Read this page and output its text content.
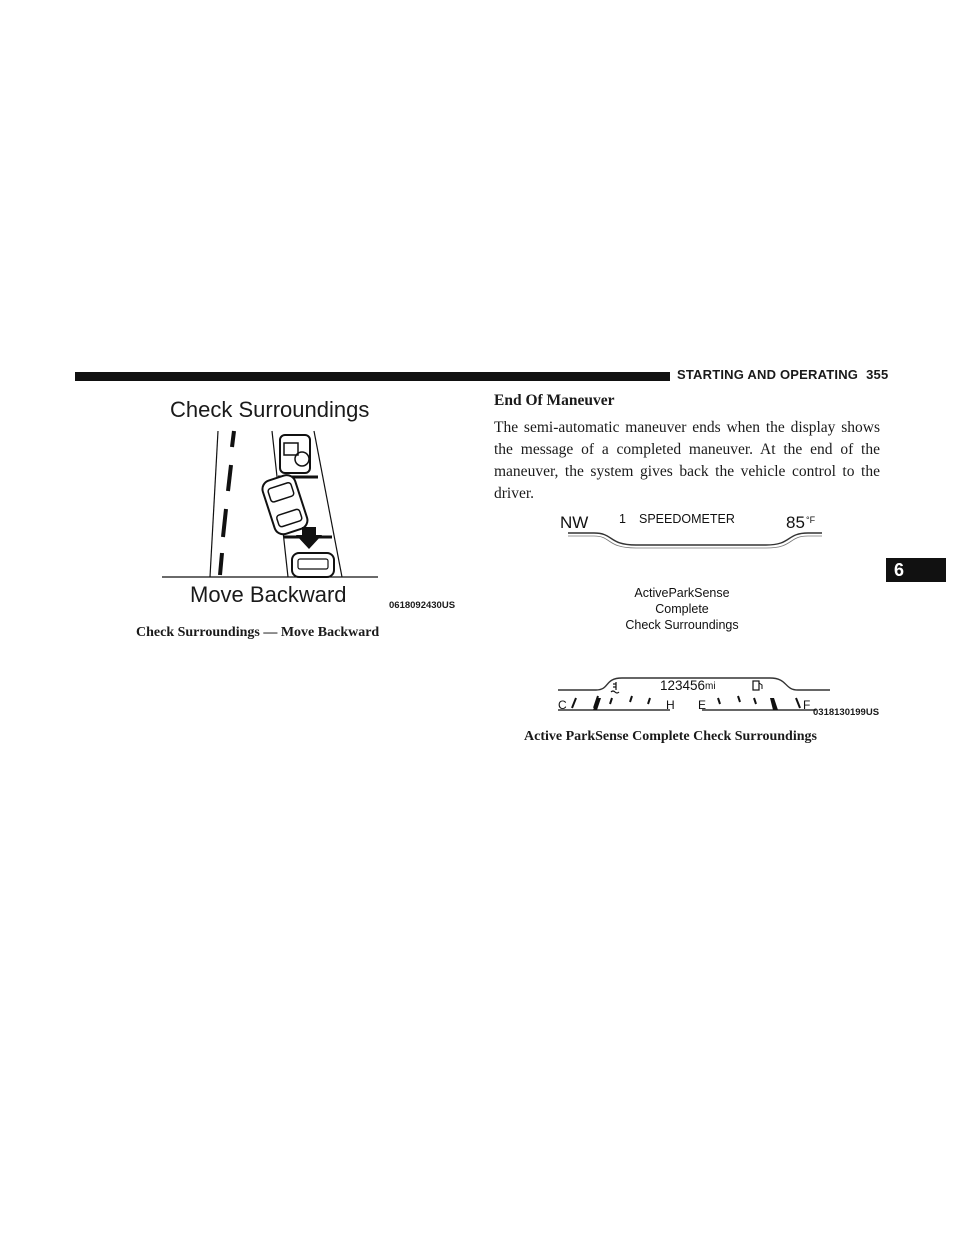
STARTING AND OPERATING 355
6
Check Surroundings
Move Backward	0618092430US
Check Surroundings — Move Backward
End Of Maneuver
The semi-automatic maneuver ends when the display shows the message of a completed maneuver. At the end of the maneuver, the system gives back the vehicle control to the driver.
NW 1 SPEEDOMETER	85 °F
ActiveParkSense
Complete
Check Surroundings
123456 mi
C	H E	F
0318130199US
Active ParkSense Complete Check Surroundings
